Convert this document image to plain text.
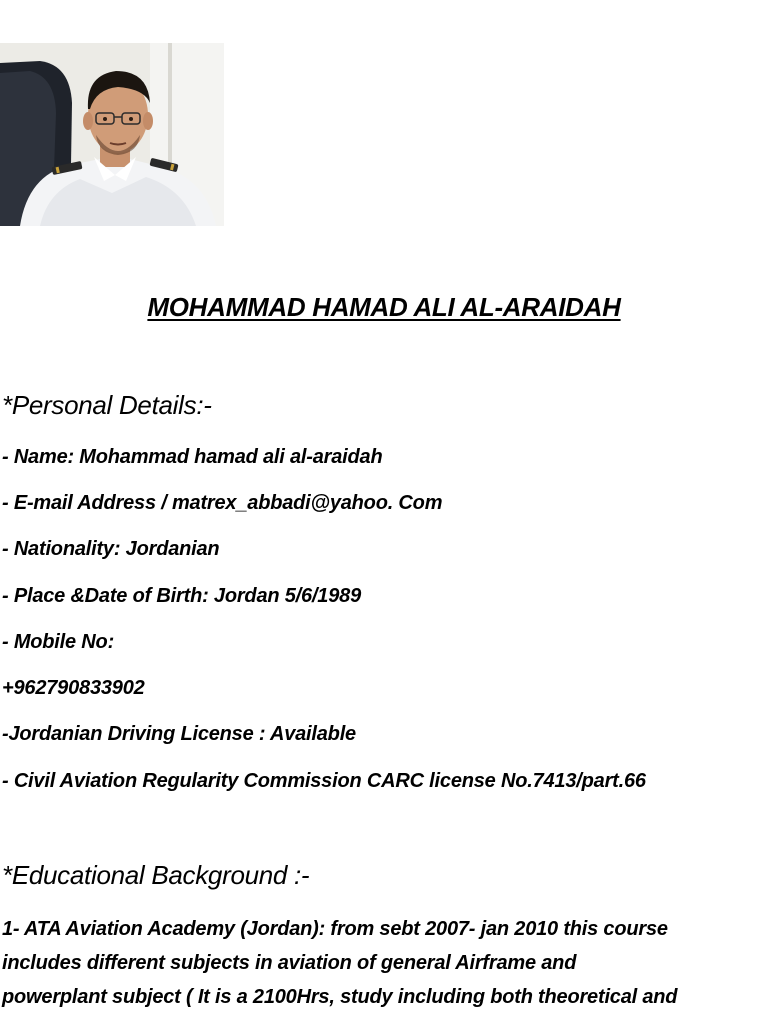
MOHAMMAD HAMAD ALI AL-ARAIDAH
*Personal Details:-
- Name: Mohammad hamad ali al-araidah
- E-mail Address / matrex_abbadi@yahoo. Com
- Nationality: Jordanian
- Place &Date of Birth: Jordan 5/6/1989
- Mobile No:
+962790833902
-Jordanian Driving License : Available
- Civil Aviation Regularity Commission CARC license No.7413/part.66
*Educational Background :-
1- ATA Aviation Academy (Jordan): from sebt 2007- jan 2010 this course
includes different subjects in aviation of general Airframe and
powerplant subject ( It is a 2100Hrs, study including both theoretical and
